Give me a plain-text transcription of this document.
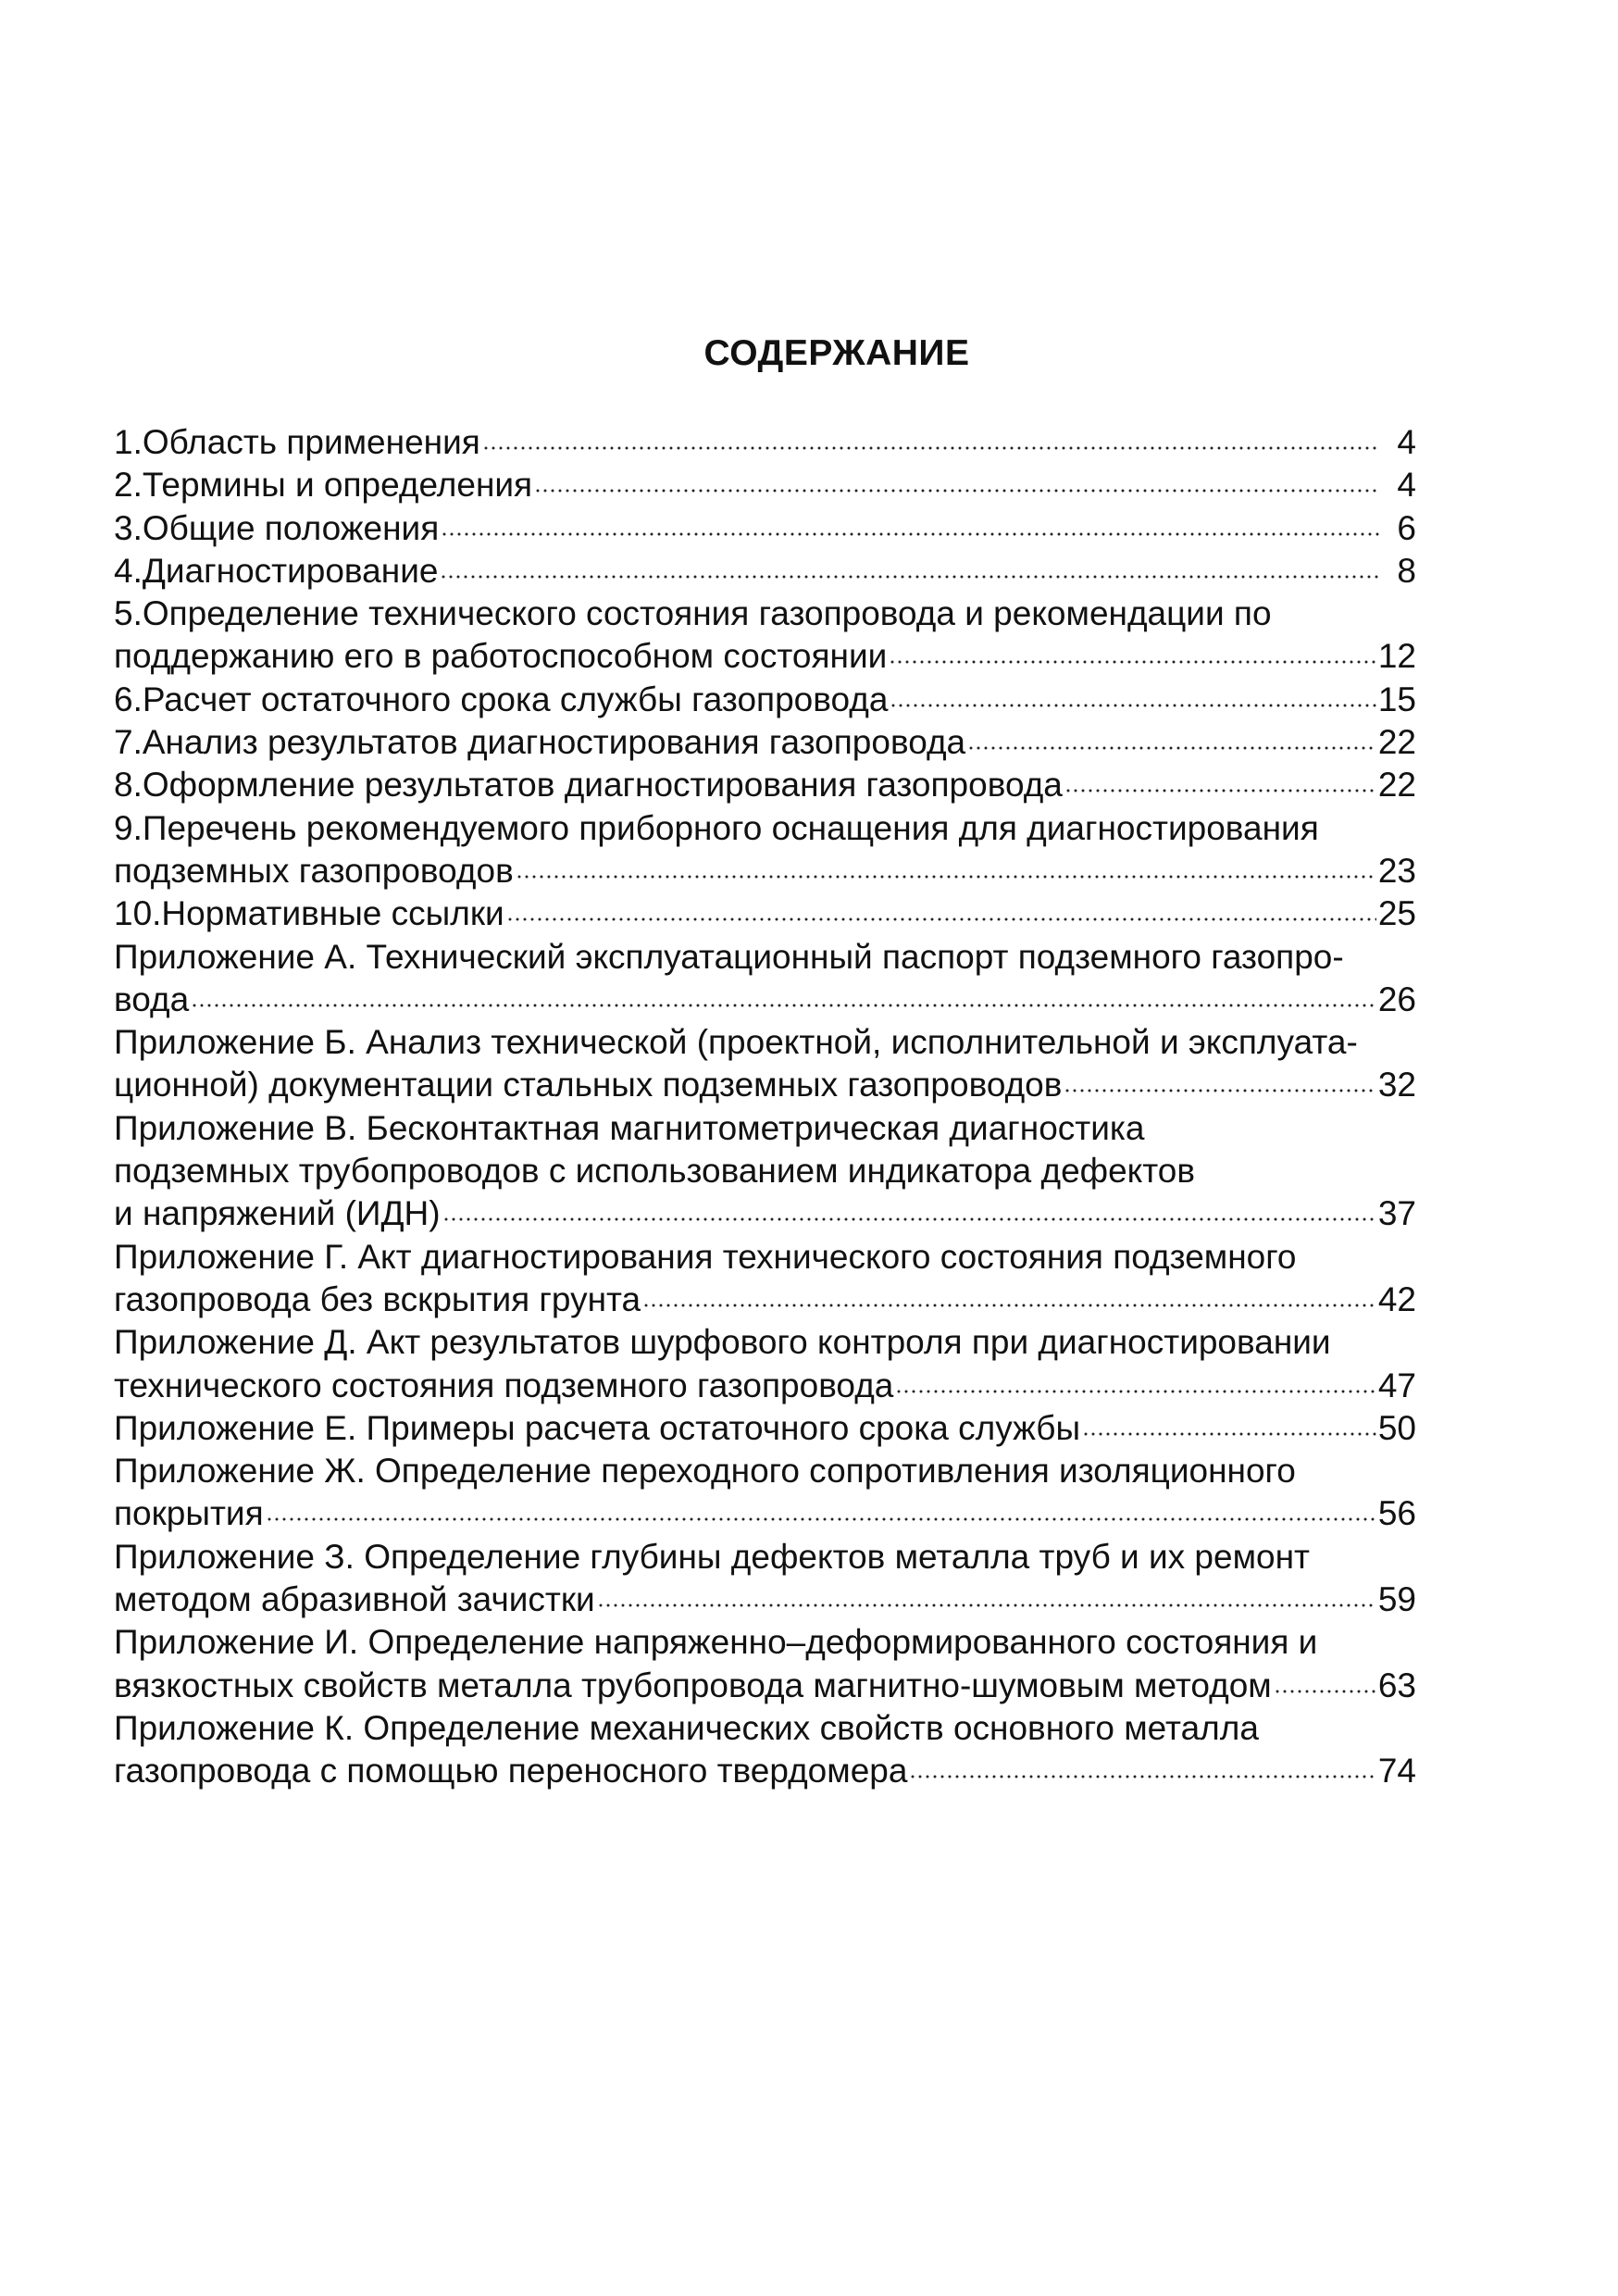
СОДЕРЖАНИЕ
1.Область применения	4
2.Термины и определения	4
3.Общие положения	6
4.Диагностирование	8
5.Определение технического состояния газопровода и рекомендации по
поддержанию его в работоспособном состоянии	12
6.Расчет остаточного срока службы газопровода	15
7.Анализ результатов диагностирования газопровода	22
8.Оформление результатов диагностирования газопровода	22
9.Перечень рекомендуемого приборного оснащения для диагностирования
подземных газопроводов	23
10.Нормативные ссылки	25
Приложение А. Технический эксплуатационный паспорт подземного газопро-
вода	26
Приложение Б. Анализ технической (проектной, исполнительной и эксплуата-
ционной) документации стальных подземных газопроводов	32
Приложение В. Бесконтактная магнитометрическая диагностика
подземных трубопроводов с использованием индикатора дефектов
и напряжений (ИДН)	37
Приложение Г. Акт диагностирования технического состояния подземного
газопровода без вскрытия грунта	42
Приложение Д. Акт результатов шурфового контроля при диагностировании
технического состояния подземного газопровода	47
Приложение Е. Примеры расчета остаточного срока службы	50
Приложение Ж. Определение переходного сопротивления изоляционного
покрытия	56
Приложение З. Определение глубины дефектов металла труб и их ремонт
методом абразивной зачистки	59
Приложение И. Определение напряженно–деформированного состояния и
вязкостных свойств металла трубопровода магнитно-шумовым методом	63
Приложение К. Определение механических свойств основного металла
газопровода с помощью переносного твердомера	74
